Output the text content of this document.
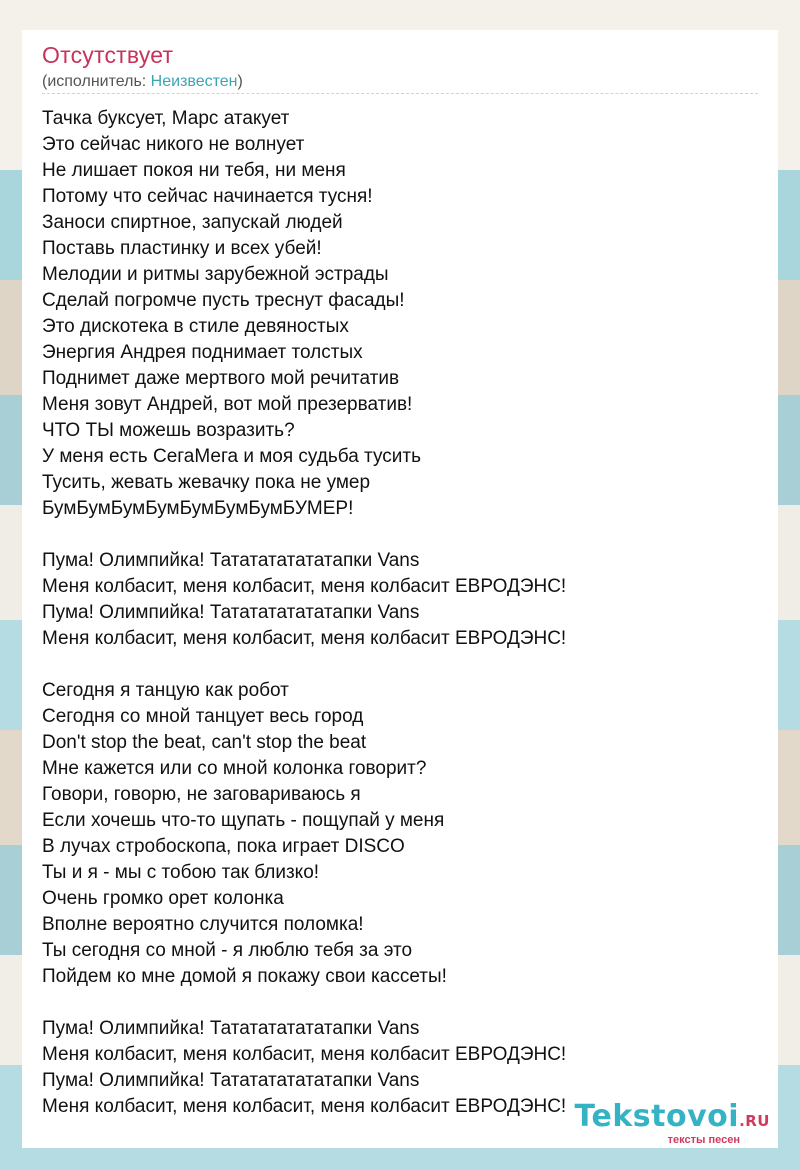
Отсутствует
(исполнитель: Неизвестен)
Тачка буксует, Марс атакует
Это сейчас никого не волнует
Не лишает покоя ни тебя, ни меня
Потому что сейчас начинается тусня!
Заноси спиртное, запускай людей
Поставь пластинку и всех убей!
Мелодии и ритмы зарубежной эстрады
Сделай погромче пусть треснут фасады!
Это дискотека в стиле девяностых
Энергия Андрея поднимает толстых
Поднимет даже мертвого мой речитатив
Меня зовут Андрей, вот мой презерватив!
ЧТО ТЫ можешь возразить?
У меня есть СегаМега и моя судьба тусить
Тусить, жевать жевачку пока не умер
БумБумБумБумБумБумБумБУМЕР!
Пума! Олимпийка! Тататататататапки Vans
Меня колбасит, меня колбасит, меня колбасит ЕВРОДЭНС!
Пума! Олимпийка! Тататататататапки Vans
Меня колбасит, меня колбасит, меня колбасит ЕВРОДЭНС!
Сегодня я танцую как робот
Сегодня со мной танцует весь город
Don't stop the beat, can't stop the beat
Мне кажется или со мной колонка говорит?
Говори, говорю, не заговариваюсь я
Если хочешь что-то щупать - пощупай у меня
В лучах стробоскопа, пока играет DISCO
Ты и я - мы с тобою так близко!
Очень громко орет колонка
Вполне вероятно случится поломка!
Ты сегодня со мной - я люблю тебя за это
Пойдем ко мне домой я покажу свои кассеты!
Пума! Олимпийка! Тататататататапки Vans
Меня колбасит, меня колбасит, меня колбасит ЕВРОДЭНС!
Пума! Олимпийка! Тататататататапки Vans
Меня колбасит, меня колбасит, меня колбасит ЕВРОДЭНС! Tekstovoi.RU
тексты песен
